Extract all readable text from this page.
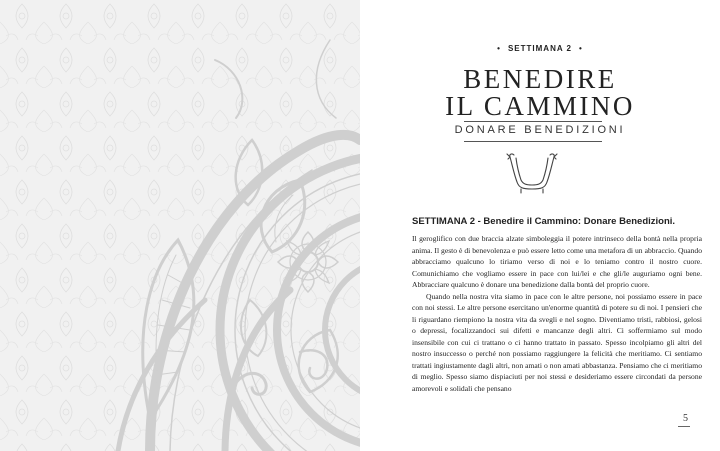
• SETTIMANA 2 •
BENEDIRE
IL CAMMINO
DONARE BENEDIZIONI
SETTIMANA 2 - Benedire il Cammino: Donare Benedizioni.

Il geroglifico con due braccia alzate simboleggia il potere intrinseco della bontà nella propria anima. Il gesto è di benevolenza e può essere letto come una metafora di un abbraccio. Quando abbracciamo qualcuno lo tiriamo verso di noi e lo teniamo contro il nostro cuore. Comunichiamo che vogliamo essere in pace con lui/lei e che gli/le auguriamo ogni bene. Abbracciare qualcuno è donare una benedizione dalla bontà del proprio cuore.

Quando nella nostra vita siamo in pace con le altre persone, noi possiamo essere in pace con noi stessi. Le altre persone esercitano un'enorme quantità di potere su di noi. I pensieri che li riguardano riempiono la nostra vita da svegli e nel sogno. Diventiamo tristi, rabbiosi, gelosi o depressi, focalizzandoci sui difetti e mancanze degli altri. Ci soffermiamo sul modo insensibile con cui ci trattano o ci hanno trattato in passato. Spesso incolpiamo gli altri del nostro insuccesso o perché non possiamo raggiungere la felicità che meritiamo. Ci sentiamo trattati ingiustamente dagli altri, non amati o non amati abbastanza. Pensiamo che ci meritiamo di meglio. Spesso siamo dispiaciuti per noi stessi e desideriamo essere circondati da persone amorevoli e solidali che pensano

5
